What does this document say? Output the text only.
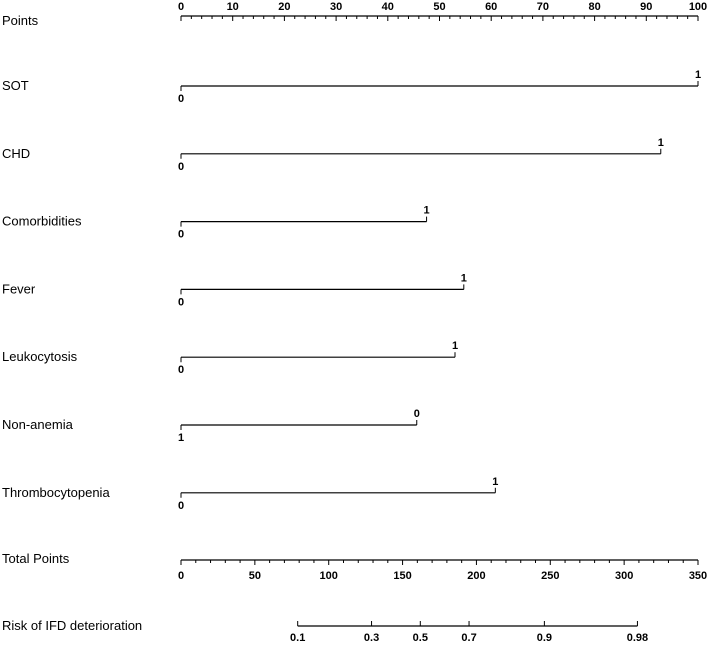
Points
SOT
CHD
Comorbidities
Fever
Leukocytosis
Non-anemia
Thrombocytopenia
Total Points
Risk of IFD deterioration
0	10	20	30	40	50	60	70	80	90	100
0
1
0
1
0
1
0
1
0
1
1
0
0
1
0	50	100	150	200	250	300	350
0.1	0.3	0.5	0.7	0.9	0.98
